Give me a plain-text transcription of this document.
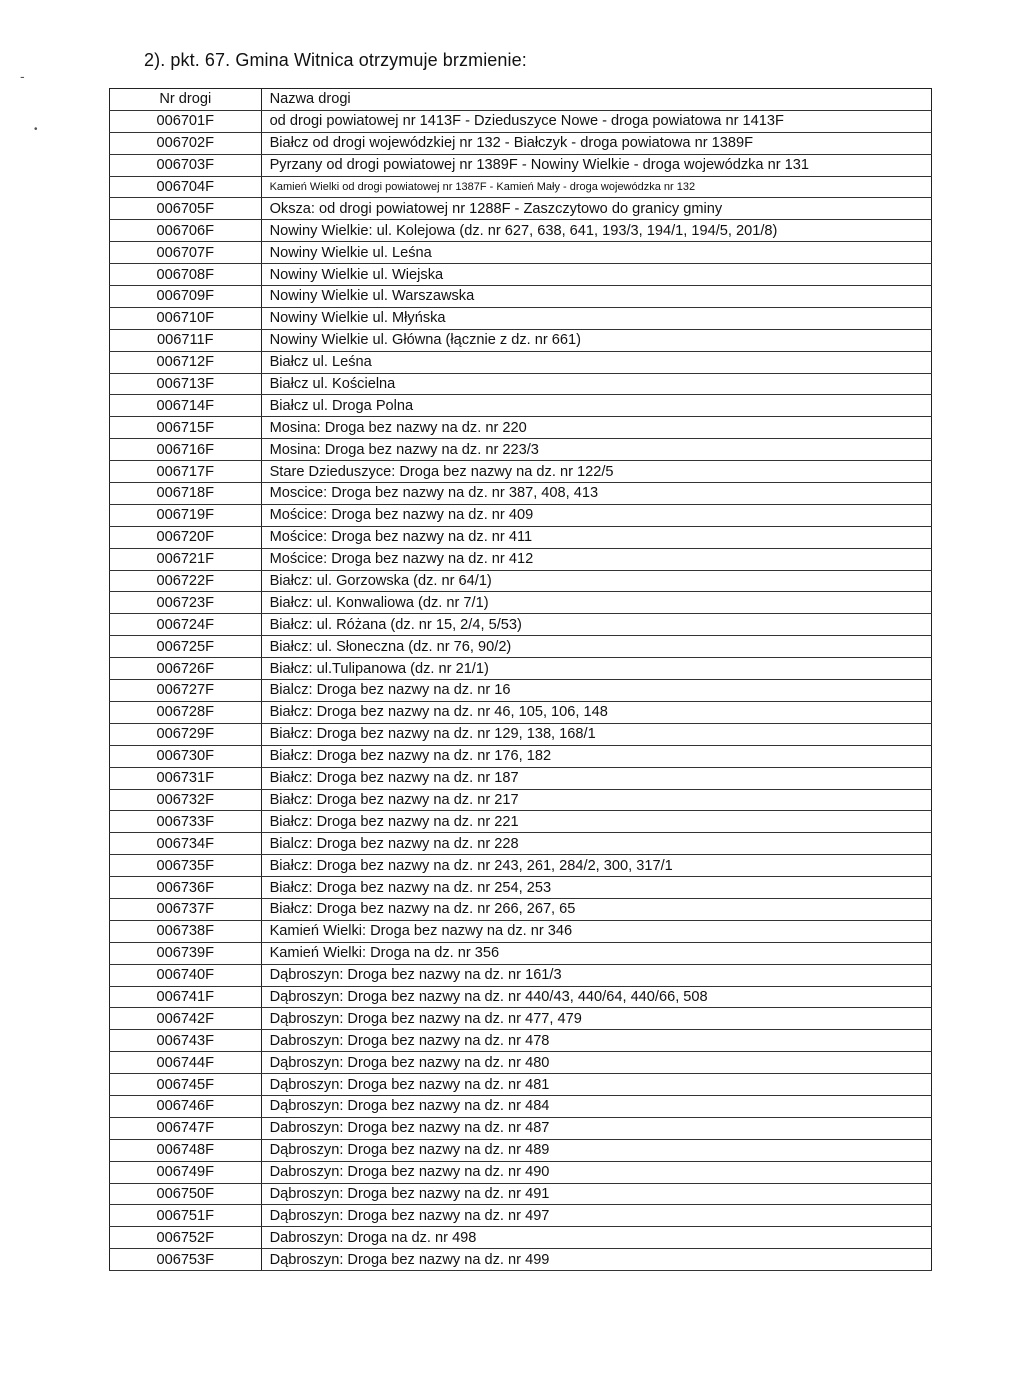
2). pkt. 67. Gmina Witnica otrzymuje brzmienie:
-
•
Nr drogi	Nazwa drogi
006701F	od drogi powiatowej nr 1413F - Dzieduszyce Nowe - droga powiatowa nr 1413F
006702F	Białcz od drogi wojewódzkiej nr 132 - Białczyk - droga powiatowa nr 1389F
006703F	Pyrzany od drogi powiatowej nr 1389F - Nowiny Wielkie - droga wojewódzka nr 131
006704F	Kamień Wielki od drogi powiatowej nr 1387F - Kamień Mały - droga wojewódzka nr 132
006705F	Oksza: od drogi powiatowej nr 1288F - Zaszczytowo do granicy gminy
006706F	Nowiny Wielkie: ul. Kolejowa (dz. nr 627, 638, 641, 193/3, 194/1, 194/5, 201/8)
006707F	Nowiny Wielkie ul. Leśna
006708F	Nowiny Wielkie ul. Wiejska
006709F	Nowiny Wielkie ul. Warszawska
006710F	Nowiny Wielkie ul. Młyńska
006711F	Nowiny Wielkie ul. Główna (łącznie z dz. nr 661)
006712F	Białcz ul. Leśna
006713F	Białcz ul. Kościelna
006714F	Białcz ul. Droga Polna
006715F	Mosina: Droga bez nazwy na dz. nr 220
006716F	Mosina: Droga bez nazwy na dz. nr 223/3
006717F	Stare Dzieduszyce: Droga bez nazwy na dz. nr 122/5
006718F	Moscice: Droga bez nazwy na dz. nr 387, 408, 413
006719F	Mościce: Droga bez nazwy na dz. nr 409
006720F	Mościce: Droga bez nazwy na dz. nr 411
006721F	Mościce: Droga bez nazwy na dz. nr 412
006722F	Białcz: ul. Gorzowska (dz. nr 64/1)
006723F	Białcz: ul. Konwaliowa (dz. nr 7/1)
006724F	Białcz: ul. Różana (dz. nr 15, 2/4, 5/53)
006725F	Białcz: ul. Słoneczna (dz. nr 76, 90/2)
006726F	Białcz: ul.Tulipanowa (dz. nr 21/1)
006727F	Bialcz: Droga bez nazwy na dz. nr 16
006728F	Białcz: Droga bez nazwy na dz. nr 46, 105, 106, 148
006729F	Białcz: Droga bez nazwy na dz. nr 129, 138, 168/1
006730F	Białcz: Droga bez nazwy na dz. nr 176, 182
006731F	Białcz: Droga bez nazwy na dz. nr 187
006732F	Białcz: Droga bez nazwy na dz. nr 217
006733F	Białcz: Droga bez nazwy na dz. nr 221
006734F	Bialcz: Droga bez nazwy na dz. nr 228
006735F	Białcz: Droga bez nazwy na dz. nr 243, 261, 284/2, 300, 317/1
006736F	Białcz: Droga bez nazwy na dz. nr 254, 253
006737F	Białcz: Droga bez nazwy na dz. nr 266, 267, 65
006738F	Kamień Wielki: Droga bez nazwy na dz. nr 346
006739F	Kamień Wielki: Droga na dz. nr 356
006740F	Dąbroszyn: Droga bez nazwy na dz. nr 161/3
006741F	Dąbroszyn: Droga bez nazwy na dz. nr 440/43, 440/64, 440/66, 508
006742F	Dąbroszyn: Droga bez nazwy na dz. nr 477, 479
006743F	Dabroszyn: Droga bez nazwy na dz. nr 478
006744F	Dąbroszyn: Droga bez nazwy na dz. nr 480
006745F	Dąbroszyn: Droga bez nazwy na dz. nr 481
006746F	Dąbroszyn: Droga bez nazwy na dz. nr 484
006747F	Dabroszyn: Droga bez nazwy na dz. nr 487
006748F	Dąbroszyn: Droga bez nazwy na dz. nr 489
006749F	Dabroszyn: Droga bez nazwy na dz. nr 490
006750F	Dąbroszyn: Droga bez nazwy na dz. nr 491
006751F	Dąbroszyn: Droga bez nazwy na dz. nr 497
006752F	Dabroszyn: Droga na dz. nr 498
006753F	Dąbroszyn: Droga bez nazwy na dz. nr 499
